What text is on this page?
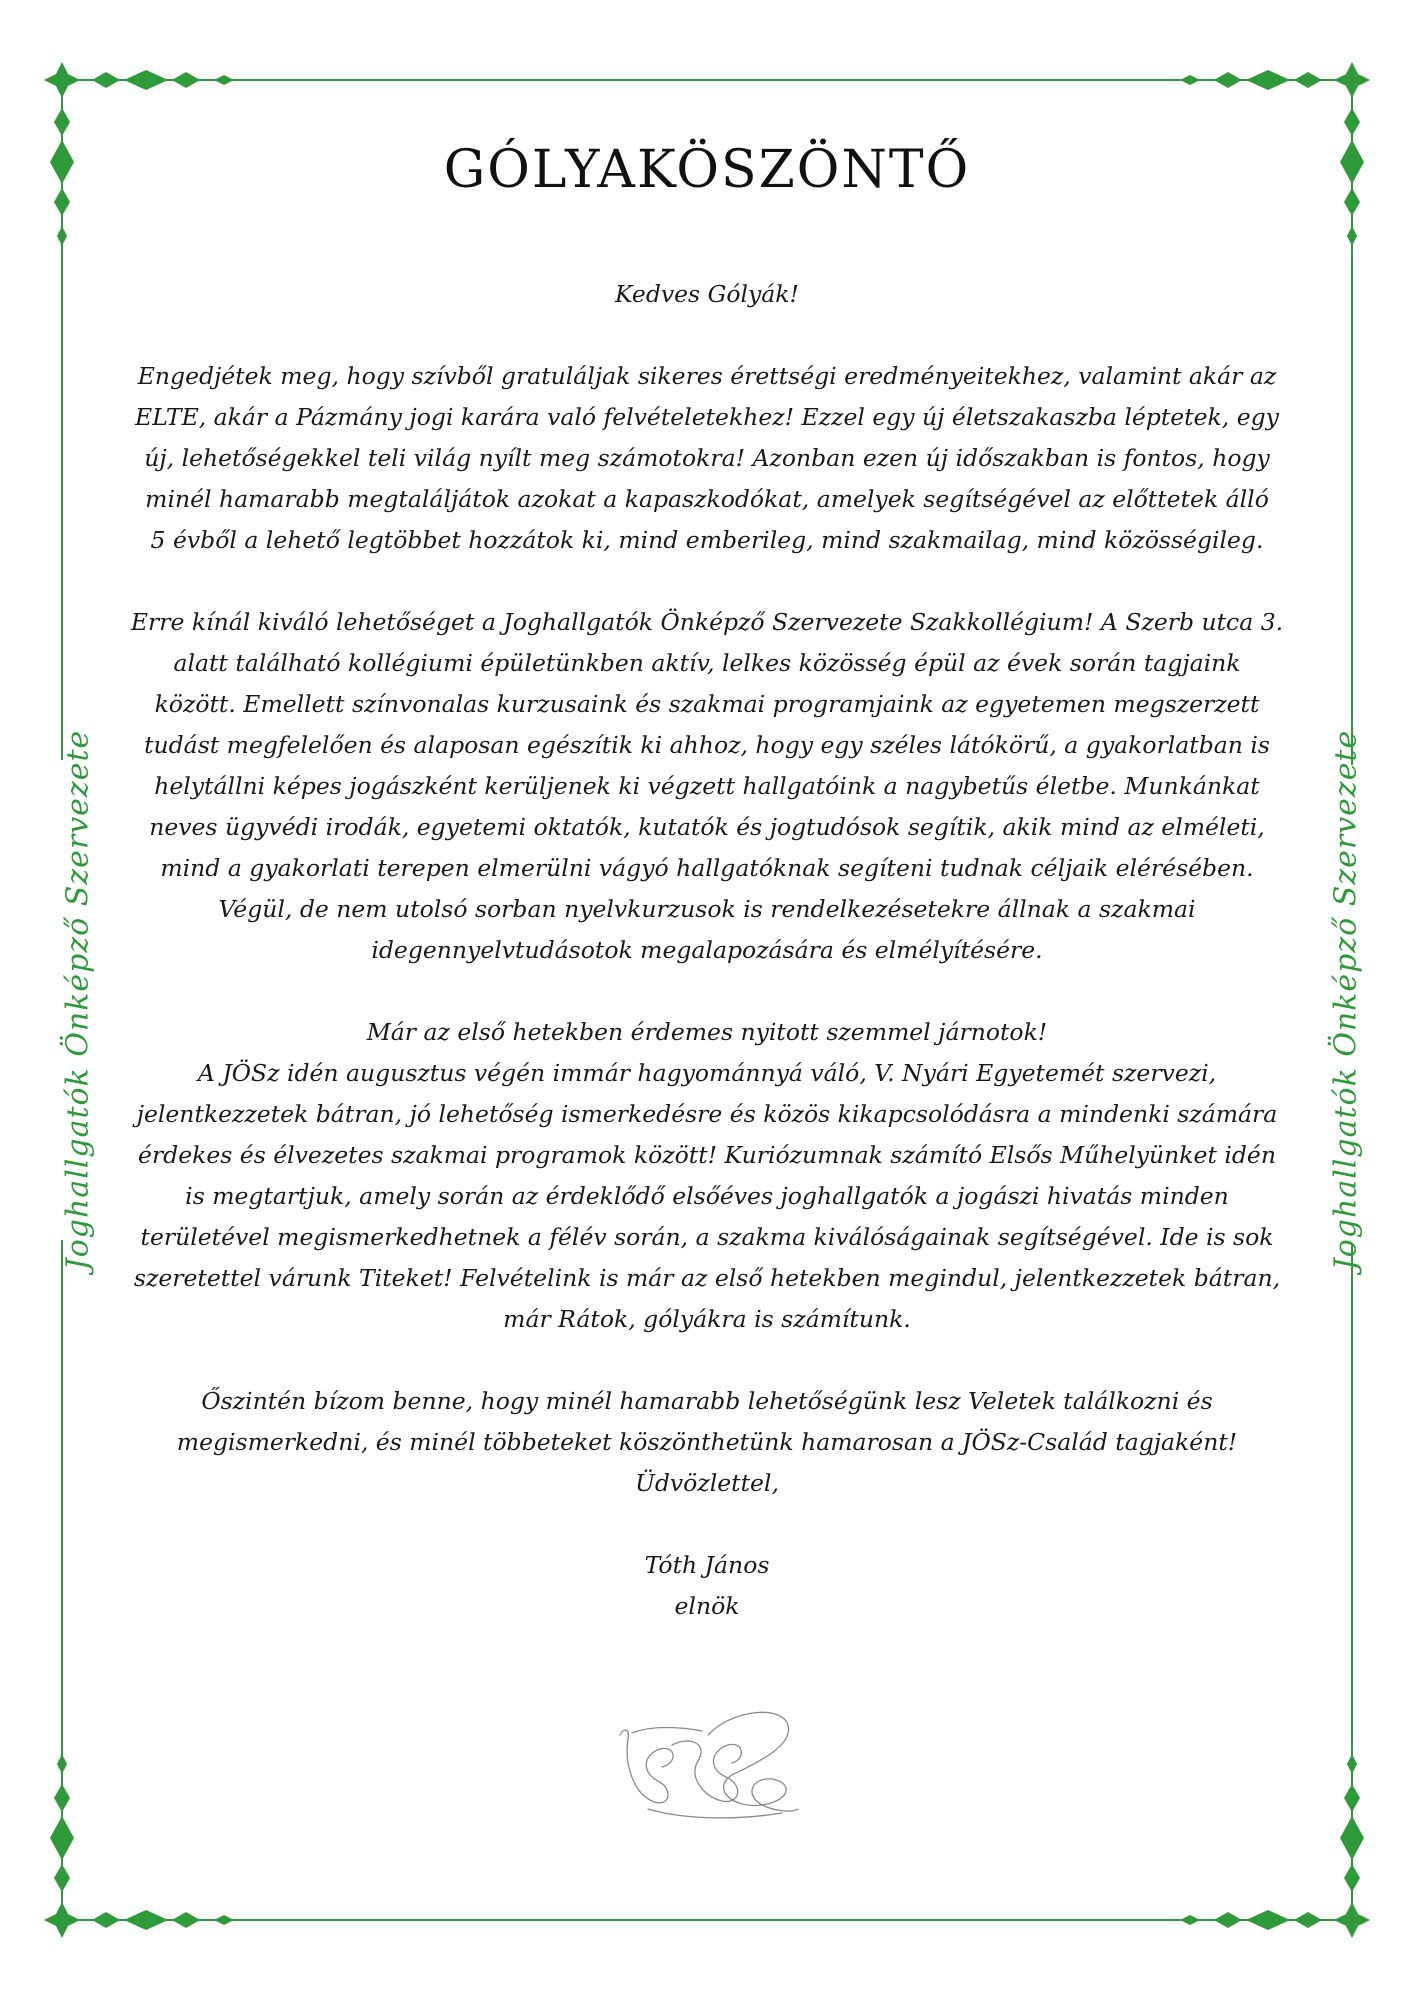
Joghallgatók Önképző Szervezete	Joghallgatók Önképző Szervezete
GÓLYAKÖSZÖNTŐ

Kedves Gólyák!

Engedjétek meg, hogy szívből gratuláljak sikeres érettségi eredményeitekhez, valamint akár az
ELTE, akár a Pázmány jogi karára való felvételetekhez! Ezzel egy új életszakaszba léptetek, egy
új, lehetőségekkel teli világ nyílt meg számotokra! Azonban ezen új időszakban is fontos, hogy
minél hamarabb megtaláljátok azokat a kapaszkodókat, amelyek segítségével az előttetek álló
5 évből a lehető legtöbbet hozzátok ki, mind emberileg, mind szakmailag, mind közösségileg.

Erre kínál kiváló lehetőséget a Joghallgatók Önképző Szervezete Szakkollégium! A Szerb utca 3.
alatt található kollégiumi épületünkben aktív, lelkes közösség épül az évek során tagjaink
között. Emellett színvonalas kurzusaink és szakmai programjaink az egyetemen megszerzett
tudást megfelelően és alaposan egészítik ki ahhoz, hogy egy széles látókörű, a gyakorlatban is
helytállni képes jogászként kerüljenek ki végzett hallgatóink a nagybetűs életbe. Munkánkat
neves ügyvédi irodák, egyetemi oktatók, kutatók és jogtudósok segítik, akik mind az elméleti,
mind a gyakorlati terepen elmerülni vágyó hallgatóknak segíteni tudnak céljaik elérésében.
Végül, de nem utolsó sorban nyelvkurzusok is rendelkezésetekre állnak a szakmai
idegennyelvtudásotok megalapozására és elmélyítésére.

Már az első hetekben érdemes nyitott szemmel járnotok!
A JÖSz idén augusztus végén immár hagyománnyá váló, V. Nyári Egyetemét szervezi,
jelentkezzetek bátran, jó lehetőség ismerkedésre és közös kikapcsolódásra a mindenki számára
érdekes és élvezetes szakmai programok között! Kuriózumnak számító Elsős Műhelyünket idén
is megtartjuk, amely során az érdeklődő elsőéves joghallgatók a jogászi hivatás minden
területével megismerkedhetnek a félév során, a szakma kiválóságainak segítségével. Ide is sok
szeretettel várunk Titeket! Felvételink is már az első hetekben megindul, jelentkezzetek bátran,
már Rátok, gólyákra is számítunk.

Őszintén bízom benne, hogy minél hamarabb lehetőségünk lesz Veletek találkozni és
megismerkedni, és minél többeteket köszönthetünk hamarosan a JÖSz-Család tagjaként!
Üdvözlettel,

Tóth János
elnök
